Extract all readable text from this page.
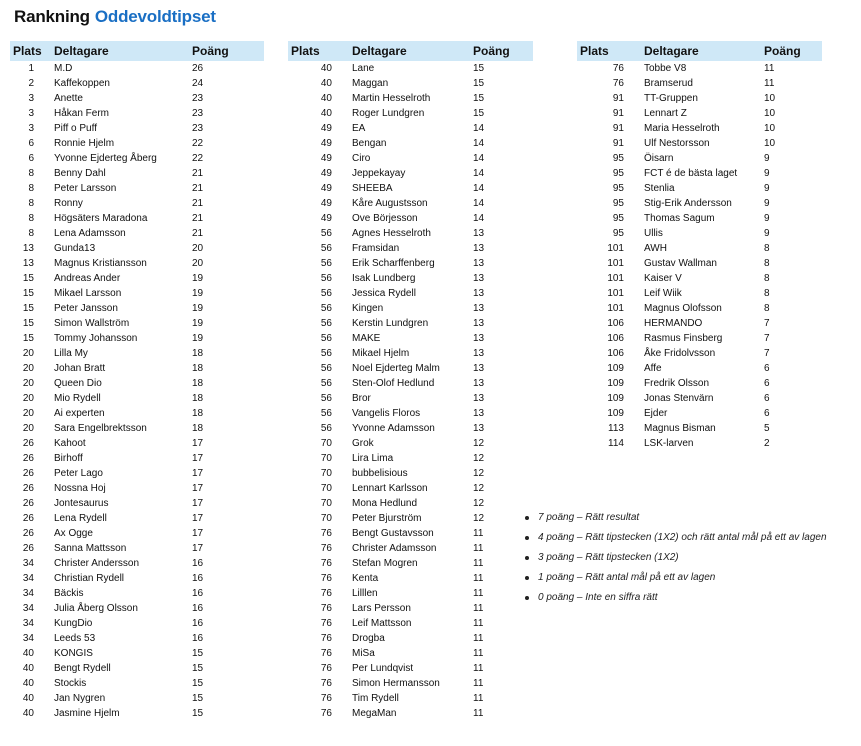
Rankning Oddevoldtipset
Plats	Deltagare	Poäng
1	M.D	26
2	Kaffekoppen	24
3	Anette	23
3	Håkan Ferm	23
3	Piff o Puff	23
6	Ronnie Hjelm	22
6	Yvonne Ejderteg Åberg	22
8	Benny Dahl	21
8	Peter Larsson	21
8	Ronny	21
8	Högsäters Maradona	21
8	Lena Adamsson	21
13	Gunda13	20
13	Magnus Kristiansson	20
15	Andreas Ander	19
15	Mikael Larsson	19
15	Peter Jansson	19
15	Simon Wallström	19
15	Tommy Johansson	19
20	Lilla My	18
20	Johan Bratt	18
20	Queen Dio	18
20	Mio Rydell	18
20	Ai experten	18
20	Sara Engelbrektsson	18
26	Kahoot	17
26	Birhoff	17
26	Peter Lago	17
26	Nossna Hoj	17
26	Jontesaurus	17
26	Lena Rydell	17
26	Ax Ogge	17
26	Sanna Mattsson	17
34	Christer Andersson	16
34	Christian Rydell	16
34	Bäckis	16
34	Julia Åberg Olsson	16
34	KungDio	16
34	Leeds 53	16
40	KONGIS	15
40	Bengt Rydell	15
40	Stockis	15
40	Jan Nygren	15
40	Jasmine Hjelm	15
Plats	Deltagare	Poäng
40	Lane	15
40	Maggan	15
40	Martin Hesselroth	15
40	Roger Lundgren	15
49	EA	14
49	Bengan	14
49	Ciro	14
49	Jeppekayay	14
49	SHEEBA	14
49	Kåre Augustsson	14
49	Ove Börjesson	14
56	Agnes Hesselroth	13
56	Framsidan	13
56	Erik Scharffenberg	13
56	Isak Lundberg	13
56	Jessica Rydell	13
56	Kingen	13
56	Kerstin Lundgren	13
56	MAKE	13
56	Mikael Hjelm	13
56	Noel Ejderteg Malm	13
56	Sten-Olof Hedlund	13
56	Bror	13
56	Vangelis Floros	13
56	Yvonne Adamsson	13
70	Grok	12
70	Lira Lima	12
70	bubbelisious	12
70	Lennart Karlsson	12
70	Mona Hedlund	12
70	Peter Bjurström	12
76	Bengt Gustavsson	11
76	Christer Adamsson	11
76	Stefan Mogren	11
76	Kenta	11
76	Lilllen	11
76	Lars Persson	11
76	Leif Mattsson	11
76	Drogba	11
76	MiSa	11
76	Per Lundqvist	11
76	Simon Hermansson	11
76	Tim Rydell	11
76	MegaMan	11
Plats	Deltagare	Poäng
76	Tobbe V8	11
76	Bramserud	11
91	TT-Gruppen	10
91	Lennart Z	10
91	Maria Hesselroth	10
91	Ulf Nestorsson	10
95	Öisarn	9
95	FCT é de bästa laget	9
95	Stenlia	9
95	Stig-Erik Andersson	9
95	Thomas Sagum	9
95	Ullis	9
101	AWH	8
101	Gustav Wallman	8
101	Kaiser V	8
101	Leif Wiik	8
101	Magnus Olofsson	8
106	HERMANDO	7
106	Rasmus Finsberg	7
106	Åke Fridolvsson	7
109	Affe	6
109	Fredrik Olsson	6
109	Jonas Stenvärn	6
109	Ejder	6
113	Magnus Bisman	5
114	LSK-larven	2
7 poäng – Rätt resultat
4 poäng – Rätt tipstecken (1X2) och rätt antal mål på ett av lagen
3 poäng – Rätt tipstecken (1X2)
1 poäng – Rätt antal mål på ett av lagen
0 poäng – Inte en siffra rätt
